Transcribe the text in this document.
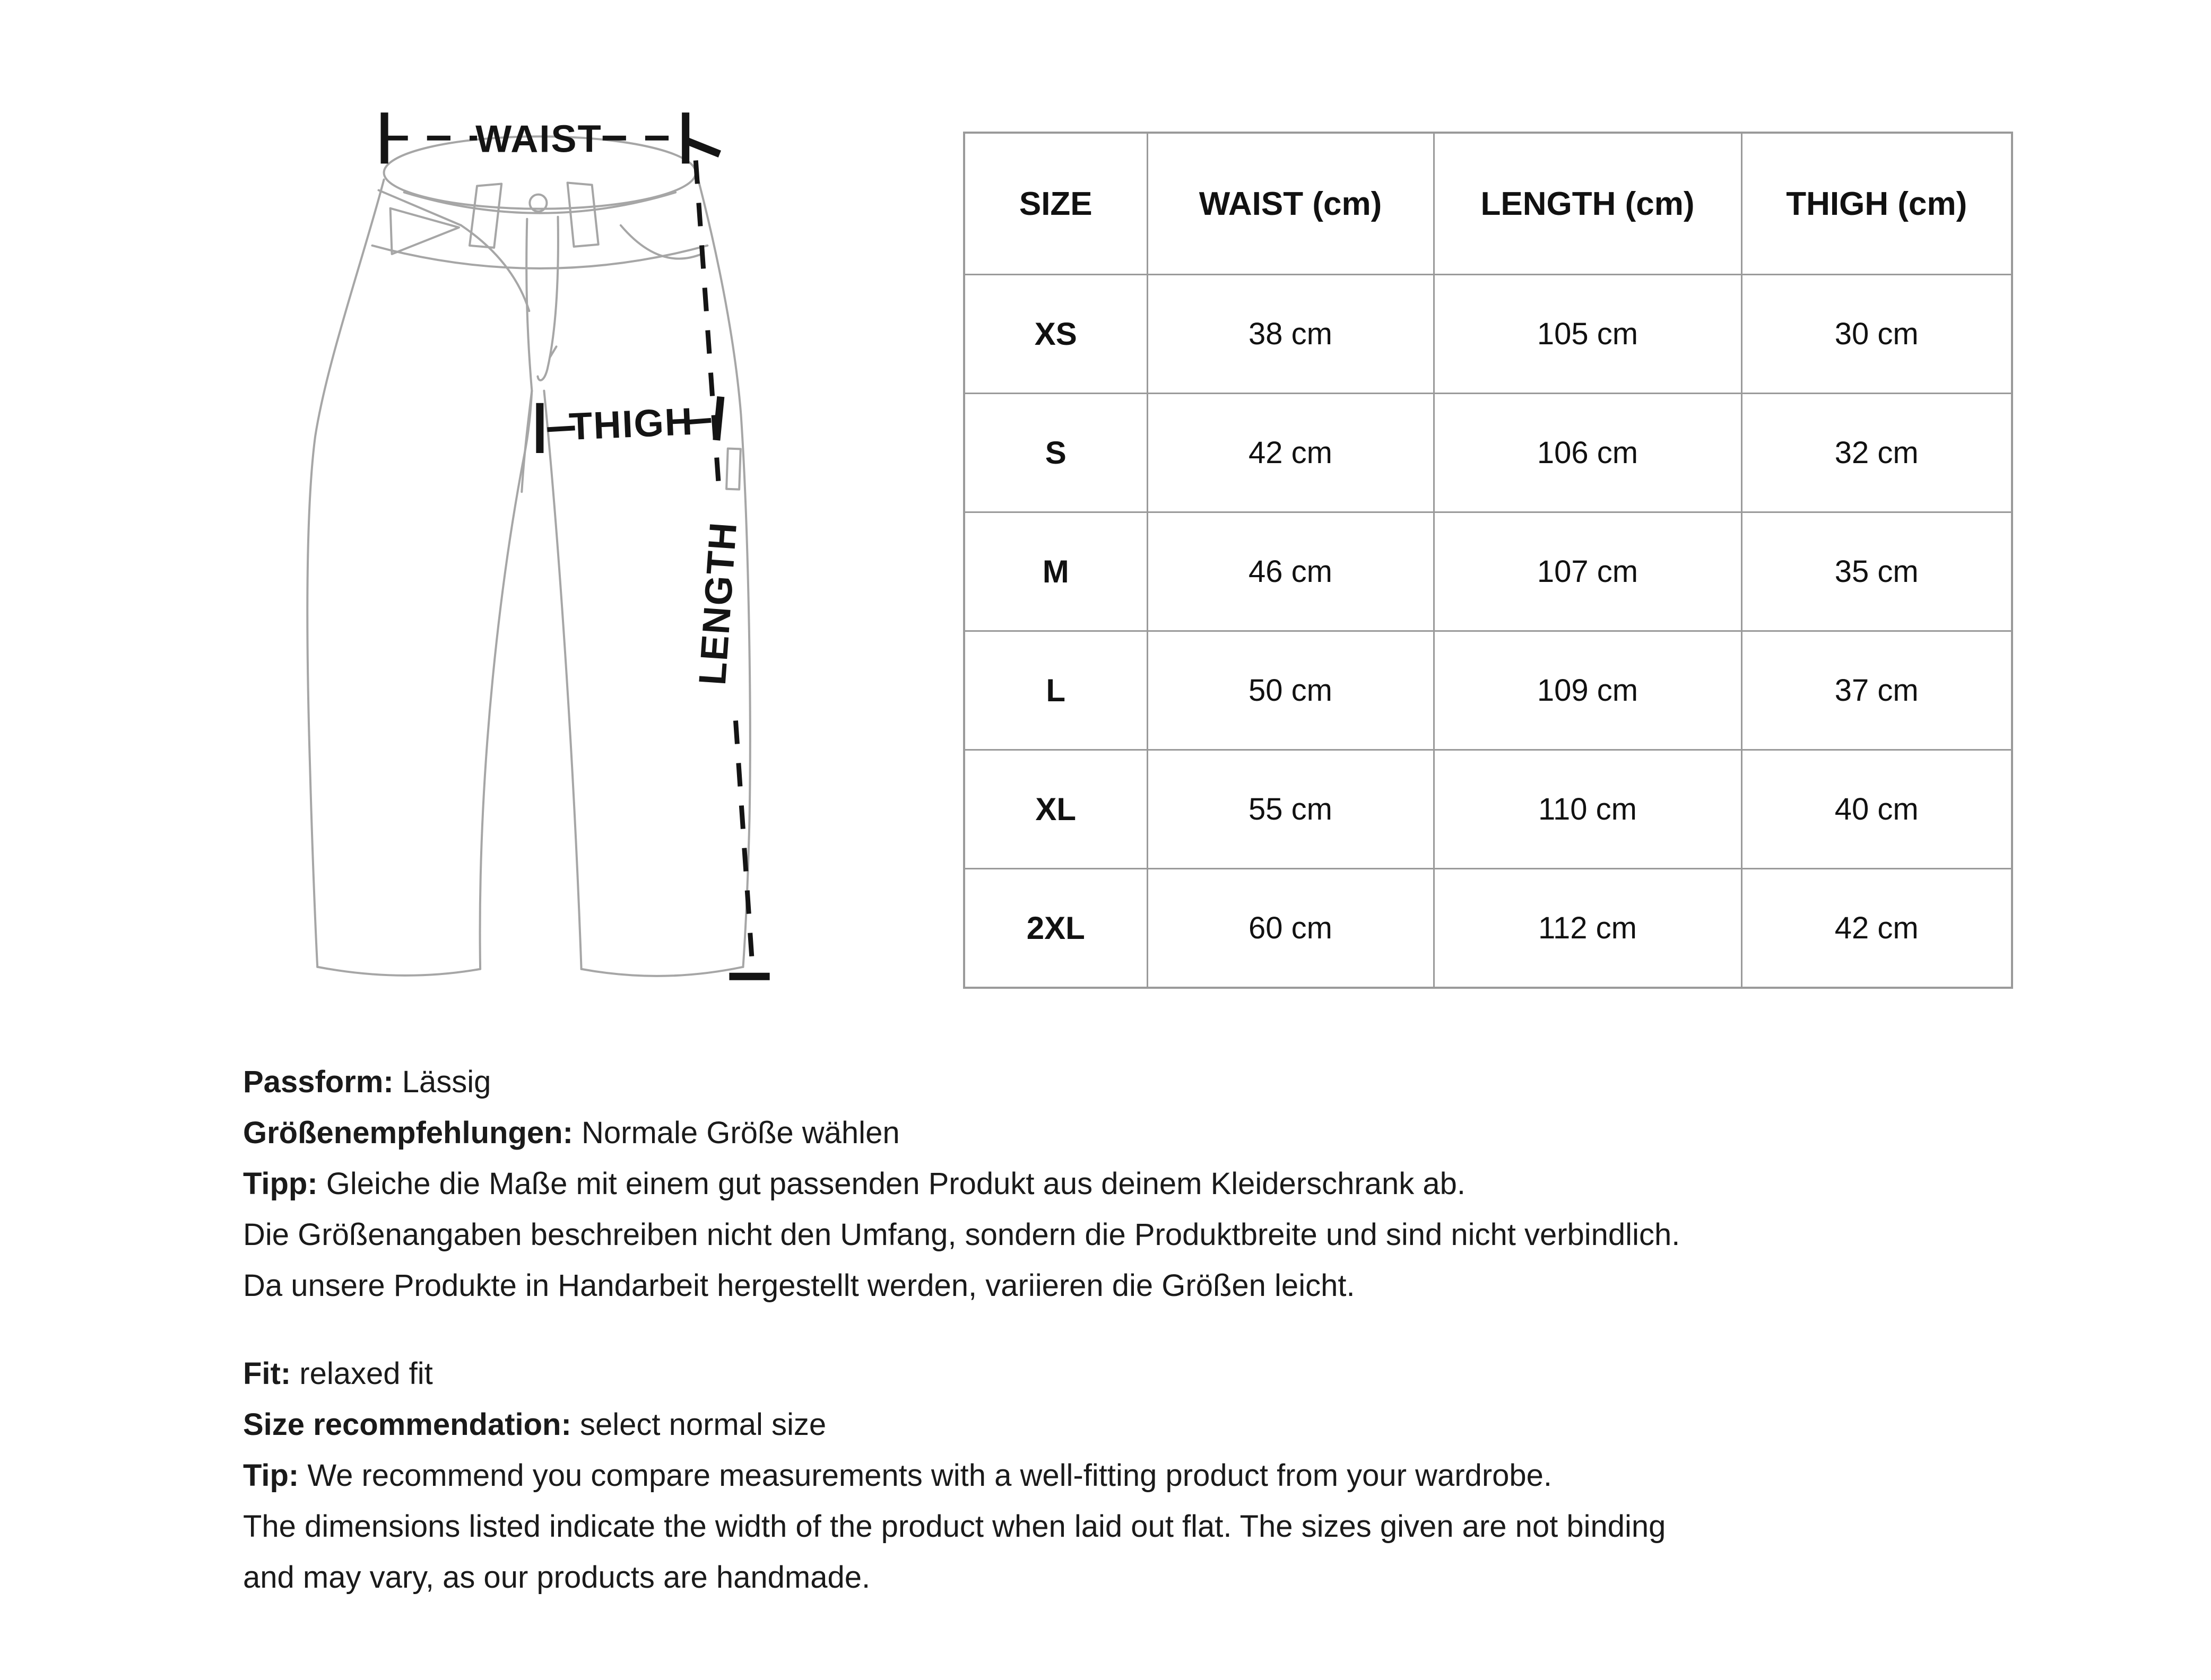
WAIST
THIGH
LENGTH
SIZE	WAIST (cm)	LENGTH (cm)	THIGH (cm)
XS	38 cm	105 cm	30 cm
S	42 cm	106 cm	32 cm
M	46 cm	107 cm	35 cm
L	50 cm	109 cm	37 cm
XL	55 cm	110 cm	40 cm
2XL	60 cm	112 cm	42 cm

Passform: Lässig

Größenempfehlungen: Normale Größe wählen

Tipp: Gleiche die Maße mit einem gut passenden Produkt aus deinem Kleiderschrank ab.

Die Größenangaben beschreiben nicht den Umfang, sondern die Produktbreite und sind nicht verbindlich.

Da unsere Produkte in Handarbeit hergestellt werden, variieren die Größen leicht.

Fit: relaxed fit

Size recommendation: select normal size

Tip: We recommend you compare measurements with a well-fitting product from your wardrobe.

The dimensions listed indicate the width of the product when laid out flat. The sizes given are not binding

and may vary, as our products are handmade.
